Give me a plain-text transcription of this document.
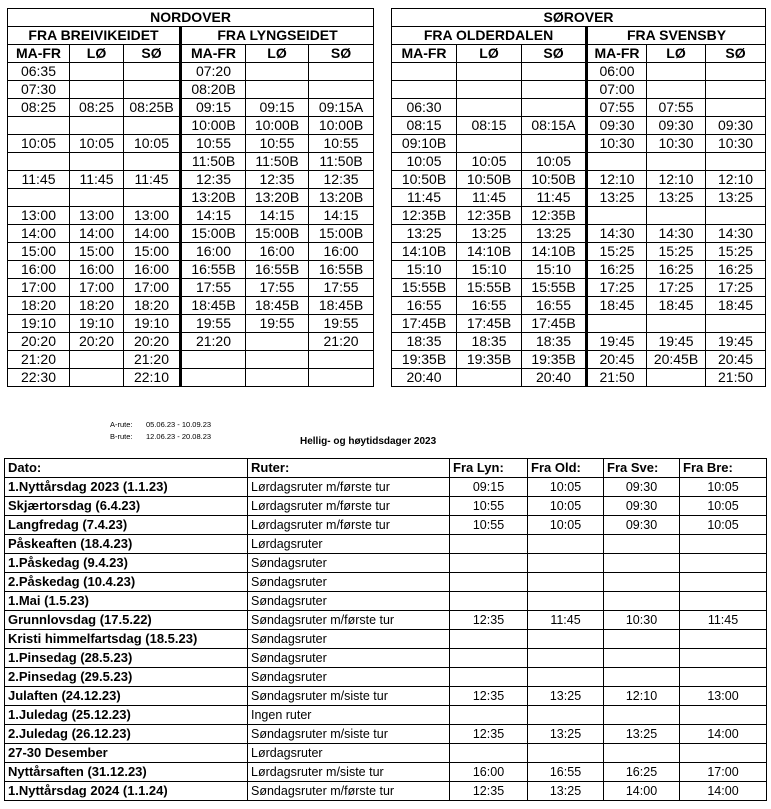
NORDOVER					
FRA BREIVIKEIDET			FRA LYNGSEIDET		
MA-FR	LØ	SØ	MA-FR	LØ	SØ
06:35			07:20		
07:30			08:20B		
08:25	08:25	08:25B	09:15	09:15	09:15A
			10:00B	10:00B	10:00B
10:05	10:05	10:05	10:55	10:55	10:55
			11:50B	11:50B	11:50B
11:45	11:45	11:45	12:35	12:35	12:35
			13:20B	13:20B	13:20B
13:00	13:00	13:00	14:15	14:15	14:15
14:00	14:00	14:00	15:00B	15:00B	15:00B
15:00	15:00	15:00	16:00	16:00	16:00
16:00	16:00	16:00	16:55B	16:55B	16:55B
17:00	17:00	17:00	17:55	17:55	17:55
18:20	18:20	18:20	18:45B	18:45B	18:45B
19:10	19:10	19:10	19:55	19:55	19:55
20:20	20:20	20:20	21:20		21:20
21:20		21:20			
22:30		22:10			
SØROVER					
FRA OLDERDALEN			FRA SVENSBY		
MA-FR	LØ	SØ	MA-FR	LØ	SØ
			06:00		
			07:00		
06:30			07:55	07:55	
08:15	08:15	08:15A	09:30	09:30	09:30
09:10B			10:30	10:30	10:30
10:05	10:05	10:05			
10:50B	10:50B	10:50B	12:10	12:10	12:10
11:45	11:45	11:45	13:25	13:25	13:25
12:35B	12:35B	12:35B			
13:25	13:25	13:25	14:30	14:30	14:30
14:10B	14:10B	14:10B	15:25	15:25	15:25
15:10	15:10	15:10	16:25	16:25	16:25
15:55B	15:55B	15:55B	17:25	17:25	17:25
16:55	16:55	16:55	18:45	18:45	18:45
17:45B	17:45B	17:45B			
18:35	18:35	18:35	19:45	19:45	19:45
19:35B	19:35B	19:35B	20:45	20:45B	20:45
20:40		20:40	21:50		21:50
A-rute: 05.06.23 - 10.09.23
B-rute: 12.06.23 - 20.08.23	Hellig- og høytidsdager 2023
Dato:	Ruter:	Fra Lyn:	Fra Old:	Fra Sve:	Fra Bre:
1.Nyttårsdag 2023 (1.1.23)	Lørdagsruter m/første tur	09:15	10:05	09:30	10:05
Skjærtorsdag (6.4.23)	Lørdagsruter m/første tur	10:55	10:05	09:30	10:05
Langfredag (7.4.23)	Lørdagsruter m/første tur	10:55	10:05	09:30	10:05
Påskeaften (18.4.23)	Lørdagsruter				
1.Påskedag (9.4.23)	Søndagsruter				
2.Påskedag (10.4.23)	Søndagsruter				
1.Mai (1.5.23)	Søndagsruter				
Grunnlovsdag (17.5.22)	Søndagsruter m/første tur	12:35	11:45	10:30	11:45
Kristi himmelfartsdag (18.5.23)	Søndagsruter				
1.Pinsedag (28.5.23)	Søndagsruter				
2.Pinsedag (29.5.23)	Søndagsruter				
Julaften (24.12.23)	Søndagsruter m/siste tur	12:35	13:25	12:10	13:00
1.Juledag (25.12.23)	Ingen ruter				
2.Juledag (26.12.23)	Søndagsruter m/siste tur	12:35	13:25	13:25	14:00
27-30 Desember	Lørdagsruter				
Nyttårsaften (31.12.23)	Lørdagsruter m/siste tur	16:00	16:55	16:25	17:00
1.Nyttårsdag 2024 (1.1.24)	Søndagsruter m/første tur	12:35	13:25	14:00	14:00
